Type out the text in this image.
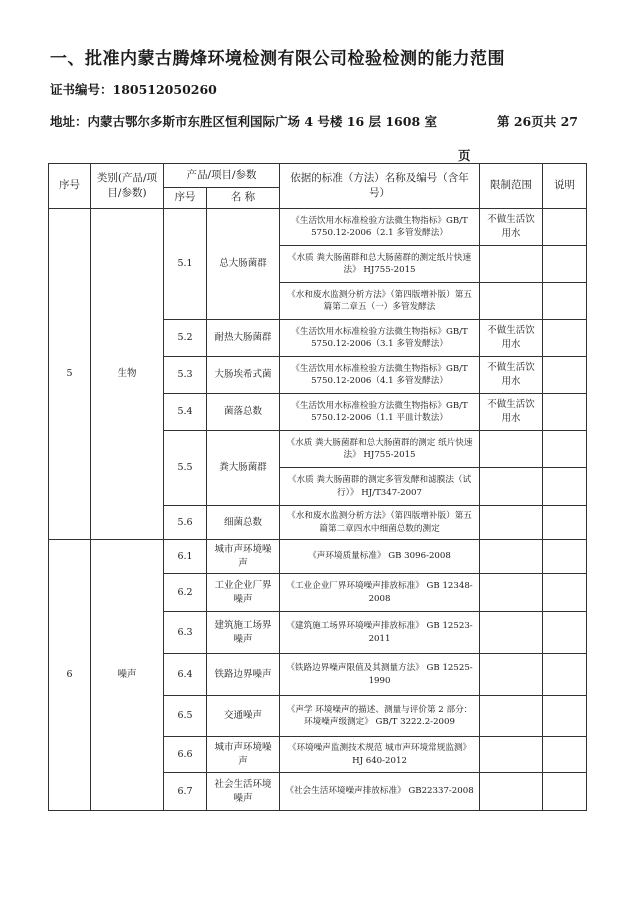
一、批准内蒙古腾烽环境检测有限公司检验检测的能力范围
证书编号：180512050260
地址：内蒙古鄂尔多斯市东胜区恒利国际广场 4 号楼 16 层 1608 室	第 26页共 27
页
序号	类别(产品/项目/参数)	产品/项目/参数		依据的标准（方法）名称及编号（含年号）	限制范围	说明
		序号	名 称			
5	生物	5.1	总大肠菌群	《生活饮用水标准检验方法微生物指标》GB/T 5750.12-2006（2.1 多管发酵法）	不做生活饮用水	
				《水质 粪大肠菌群和总大肠菌群的测定纸片快速法》 HJ755-2015		
				《水和废水监测分析方法》（第四版增补版）第五篇第二章五（一）多管发酵法		
		5.2	耐热大肠菌群	《生活饮用水标准检验方法微生物指标》GB/T 5750.12-2006（3.1 多管发酵法）	不做生活饮用水	
		5.3	大肠埃希式菌	《生活饮用水标准检验方法微生物指标》GB/T 5750.12-2006（4.1 多管发酵法）	不做生活饮用水	
		5.4	菌落总数	《生活饮用水标准检验方法微生物指标》GB/T 5750.12-2006（1.1 平皿计数法）	不做生活饮用水	
		5.5	粪大肠菌群	《水质 粪大肠菌群和总大肠菌群的测定 纸片快速法》 HJ755-2015		
				《水质 粪大肠菌群的测定多管发酵和滤膜法（试行）》 HJ/T347-2007		
		5.6	细菌总数	《水和废水监测分析方法》（第四版增补版）第五篇第二章四水中细菌总数的测定		
6	噪声	6.1	城市声环境噪声	《声环境质量标准》 GB 3096-2008		
		6.2	工业企业厂界噪声	《工业企业厂界环境噪声排放标准》 GB 12348-2008		
		6.3	建筑施工场界噪声	《建筑施工场界环境噪声排放标准》 GB 12523-2011		
		6.4	铁路边界噪声	《铁路边界噪声限值及其测量方法》 GB 12525-1990		
		6.5	交通噪声	《声学 环境噪声的描述、测量与评价第 2 部分：环境噪声级测定》 GB/T 3222.2-2009		
		6.6	城市声环境噪声	《环境噪声监测技术规范 城市声环境常规监测》 HJ 640-2012		
		6.7	社会生活环境噪声	《社会生活环境噪声排放标准》 GB22337-2008		
